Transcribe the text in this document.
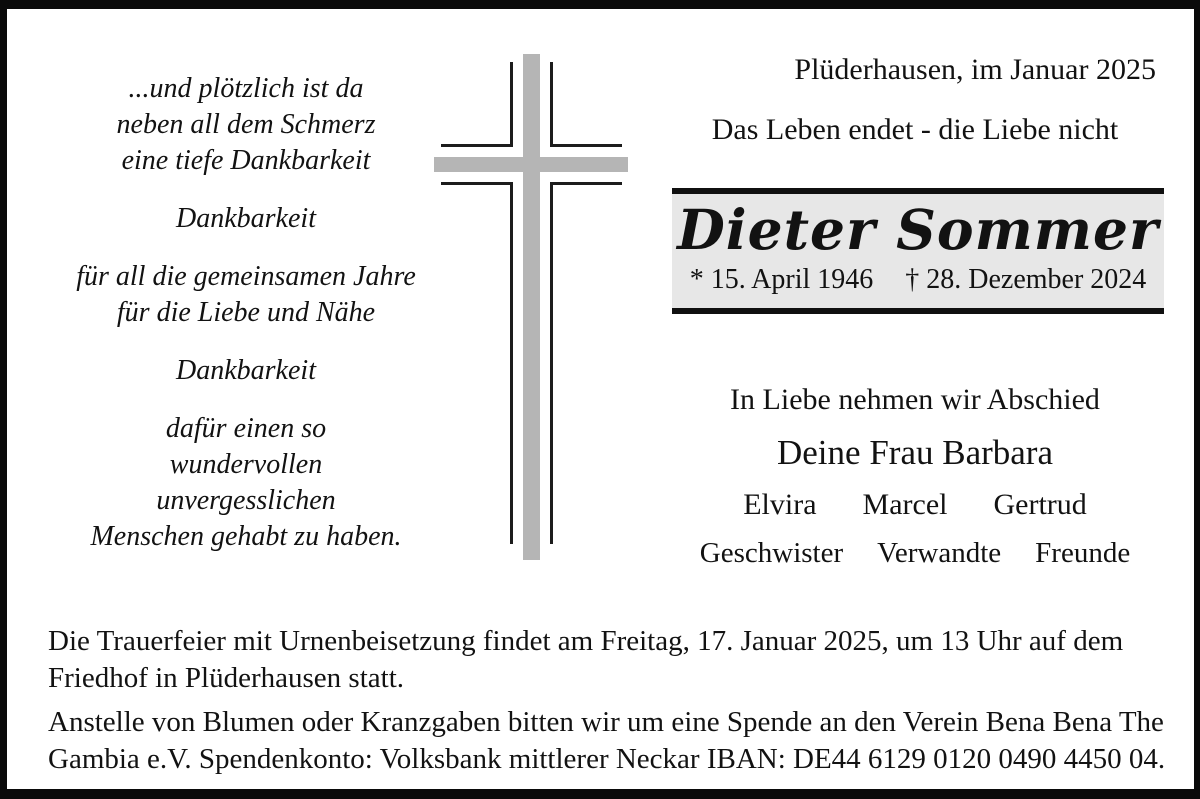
...und plötzlich ist da
neben all dem Schmerz
eine tiefe Dankbarkeit
Dankbarkeit
für all die gemeinsamen Jahre
für die Liebe und Nähe
Dankbarkeit
dafür einen so
wundervollen
unvergesslichen
Menschen gehabt zu haben.
Plüderhausen, im Januar 2025
Das Leben endet - die Liebe nicht
Dieter Sommer
* 15. April 1946 † 28. Dezember 2024
In Liebe nehmen wir Abschied
Deine Frau Barbara
Elvira Marcel Gertrud
Geschwister Verwandte Freunde

Die Trauerfeier mit Urnenbeisetzung findet am Freitag, 17. Januar 2025, um 13 Uhr auf dem Friedhof in Plüderhausen statt.

Anstelle von Blumen oder Kranzgaben bitten wir um eine Spende an den Verein Bena Bena The Gambia e.V. Spendenkonto: Volksbank mittlerer Neckar IBAN: DE44 6129 0120 0490 4450 04.
